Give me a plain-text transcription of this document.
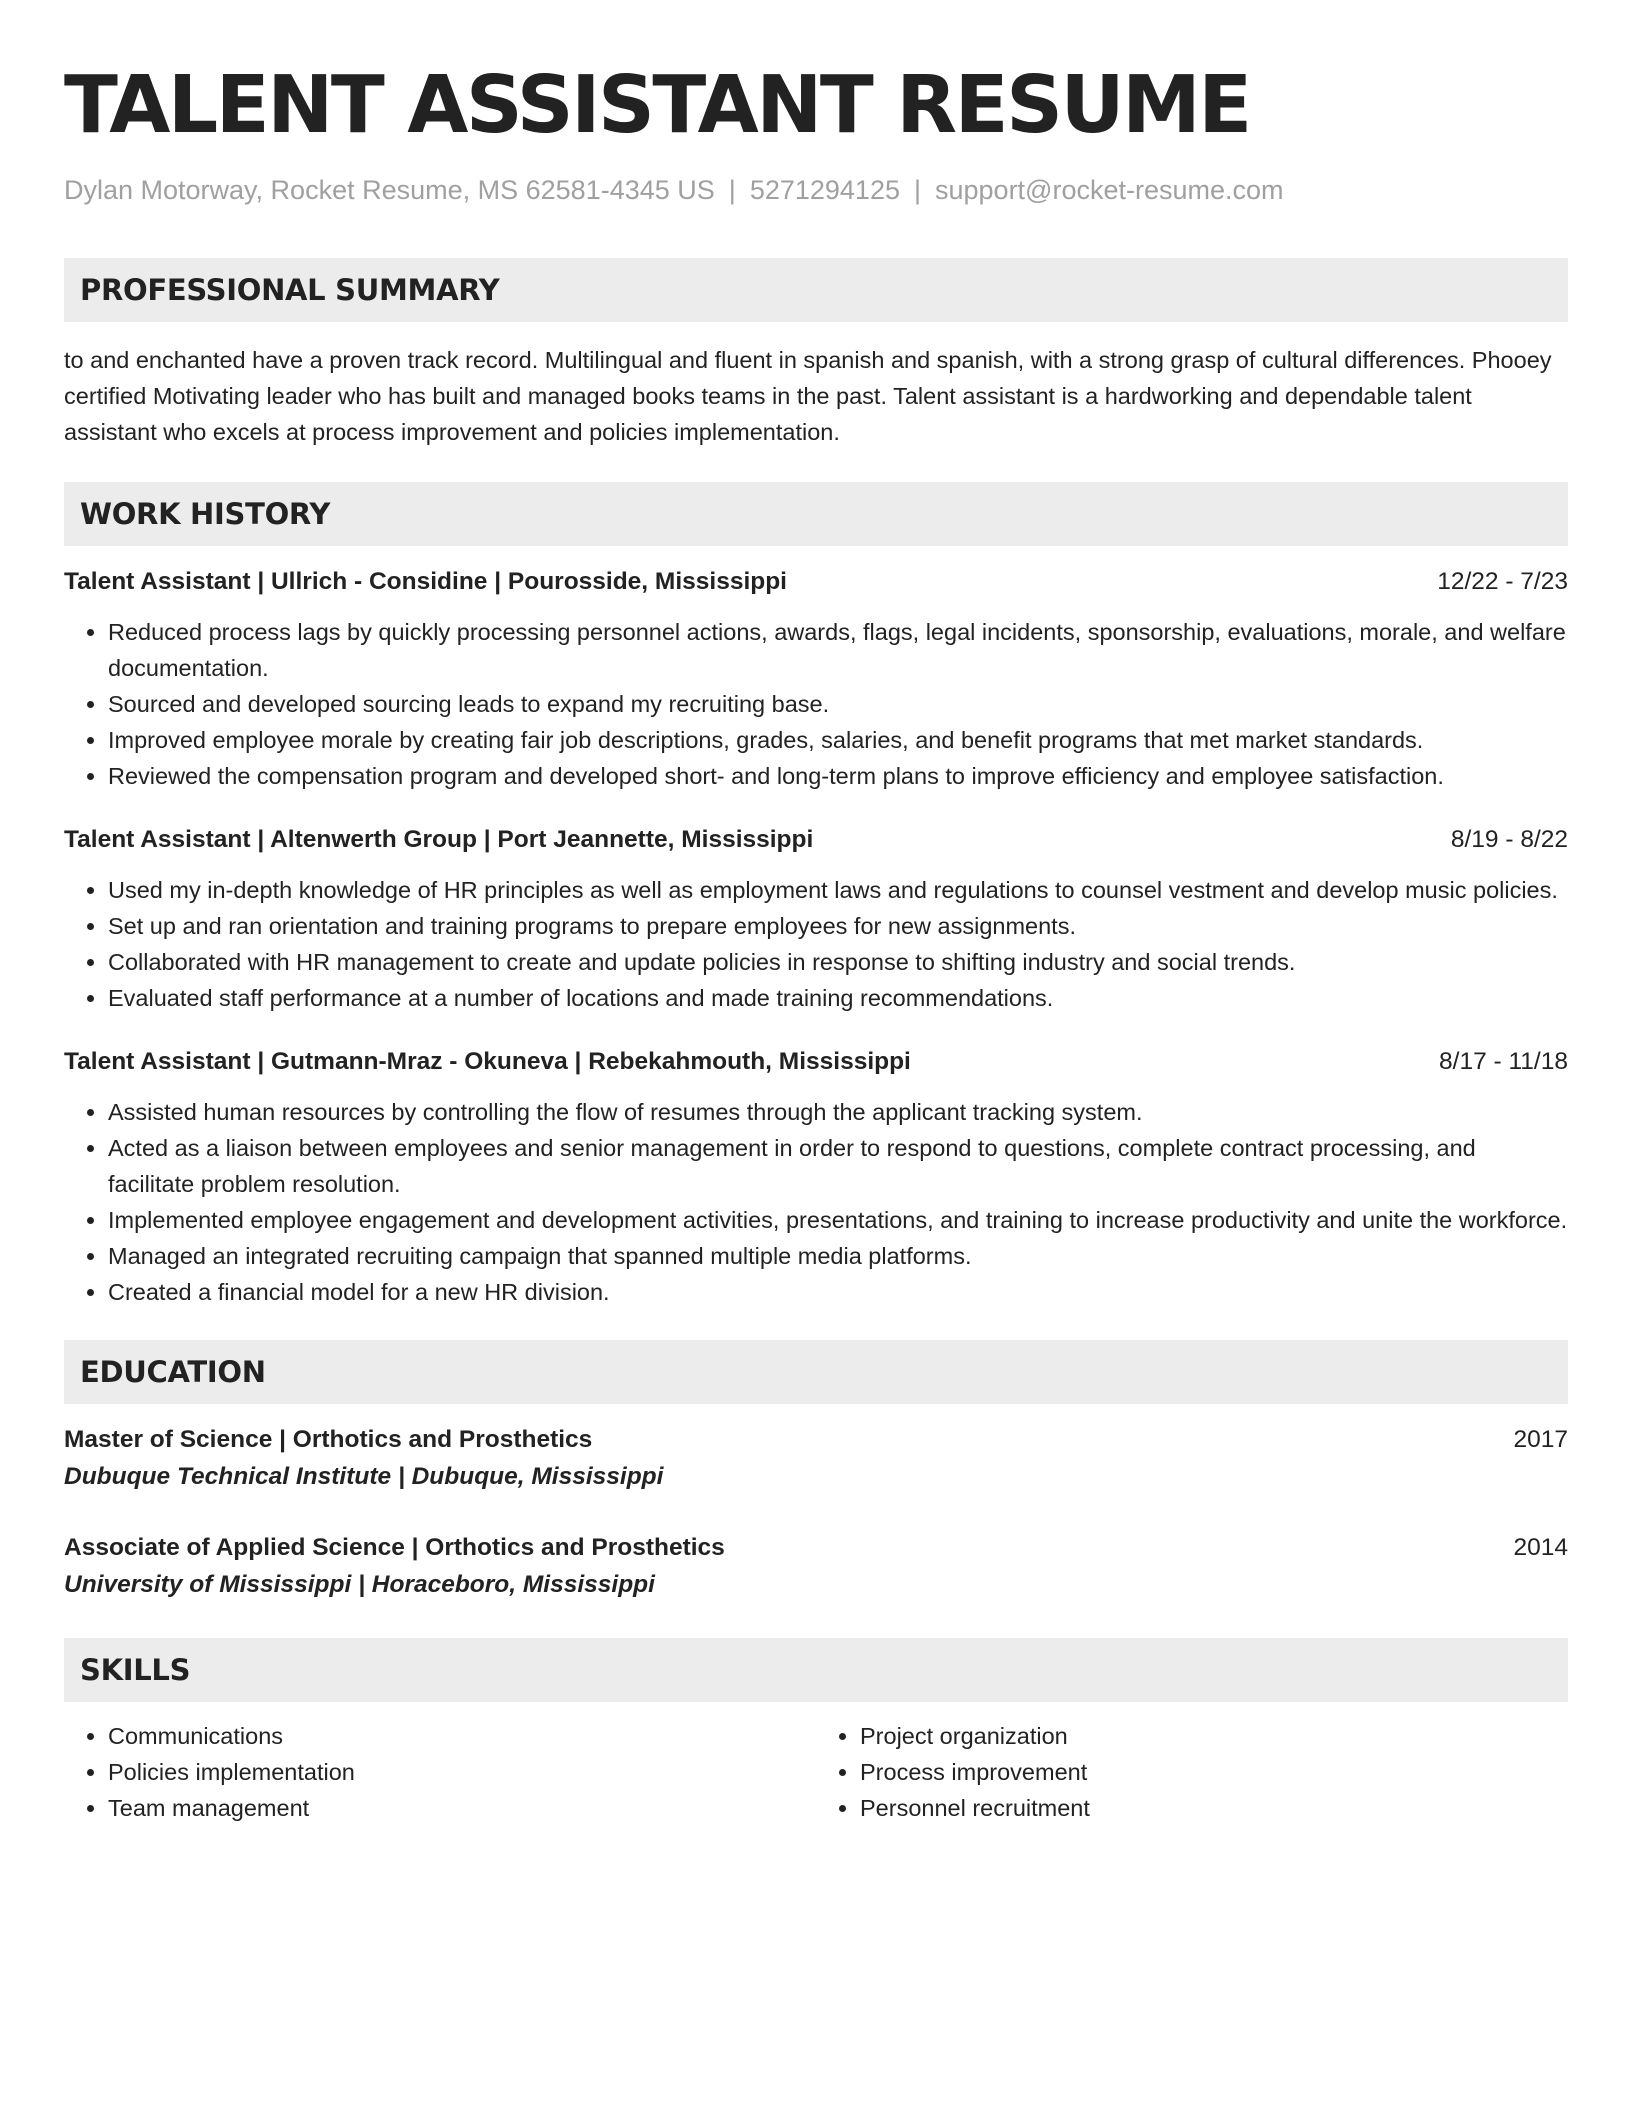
TALENT ASSISTANT RESUME
Dylan Motorway, Rocket Resume, MS 62581-4345 US | 5271294125 | support@rocket-resume.com
PROFESSIONAL SUMMARY
to and enchanted have a proven track record. Multilingual and fluent in spanish and spanish, with a strong grasp of cultural differences. Phooey certified Motivating leader who has built and managed books teams in the past. Talent assistant is a hardworking and dependable talent assistant who excels at process improvement and policies implementation.
WORK HISTORY
Talent Assistant | Ullrich - Considine | Pourosside, Mississippi	12/22 - 7/23
• Reduced process lags by quickly processing personnel actions, awards, flags, legal incidents, sponsorship, evaluations, morale, and welfare documentation.
• Sourced and developed sourcing leads to expand my recruiting base.
• Improved employee morale by creating fair job descriptions, grades, salaries, and benefit programs that met market standards.
• Reviewed the compensation program and developed short- and long-term plans to improve efficiency and employee satisfaction.
Talent Assistant | Altenwerth Group | Port Jeannette, Mississippi	8/19 - 8/22
• Used my in-depth knowledge of HR principles as well as employment laws and regulations to counsel vestment and develop music policies.
• Set up and ran orientation and training programs to prepare employees for new assignments.
• Collaborated with HR management to create and update policies in response to shifting industry and social trends.
• Evaluated staff performance at a number of locations and made training recommendations.
Talent Assistant | Gutmann-Mraz - Okuneva | Rebekahmouth, Mississippi	8/17 - 11/18
• Assisted human resources by controlling the flow of resumes through the applicant tracking system.
• Acted as a liaison between employees and senior management in order to respond to questions, complete contract processing, and facilitate problem resolution.
• Implemented employee engagement and development activities, presentations, and training to increase productivity and unite the workforce.
• Managed an integrated recruiting campaign that spanned multiple media platforms.
• Created a financial model for a new HR division.
EDUCATION
Master of Science | Orthotics and Prosthetics	2017
Dubuque Technical Institute | Dubuque, Mississippi
Associate of Applied Science | Orthotics and Prosthetics	2014
University of Mississippi | Horaceboro, Mississippi
SKILLS
• Communications
• Policies implementation
• Team management
• Project organization
• Process improvement
• Personnel recruitment
